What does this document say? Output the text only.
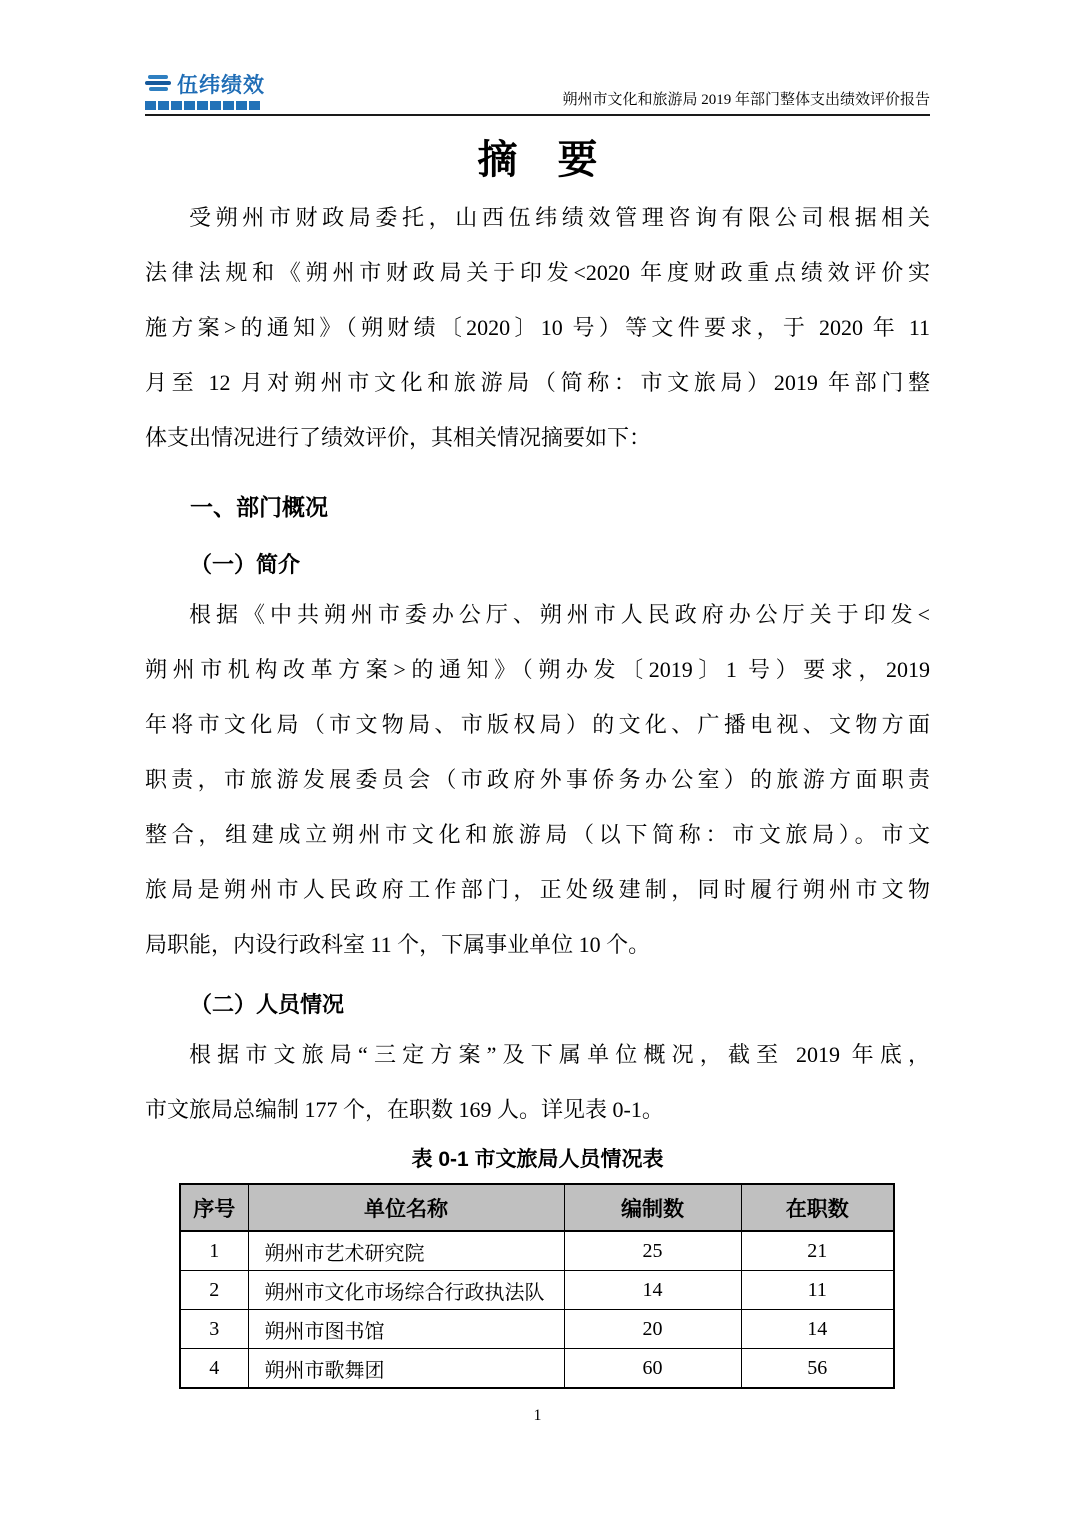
伍纬绩效
朔州市文化和旅游局 2019 年部门整体支出绩效评价报告
摘　要
受朔州市财政局委托，山西伍纬绩效管理咨询有限公司根据相关
法律法规和《朔州市财政局关于印发<2020 年度财政重点绩效评价实
施方案>的通知》（朔财绩〔2020〕10 号）等文件要求，于 2020 年 11
月至 12 月对朔州市文化和旅游局（简称：市文旅局）2019 年部门整
体支出情况进行了绩效评价，其相关情况摘要如下：
一、部门概况
（一）简介
根据《中共朔州市委办公厅、朔州市人民政府办公厅关于印发<
朔州市机构改革方案>的通知》（朔办发〔2019〕1 号）要求，2019
年将市文化局（市文物局、市版权局）的文化、广播电视、文物方面
职责，市旅游发展委员会（市政府外事侨务办公室）的旅游方面职责
整合，组建成立朔州市文化和旅游局（以下简称：市文旅局）。市文
旅局是朔州市人民政府工作部门，正处级建制，同时履行朔州市文物
局职能，内设行政科室 11 个，下属事业单位 10 个。
（二）人员情况
根据市文旅局“三定方案”及下属单位概况，截至 2019 年底，
市文旅局总编制 177 个，在职数 169 人。详见表 0-1。
表 0-1 市文旅局人员情况表
序号	单位名称	编制数	在职数
1	朔州市艺术研究院	25	21
2	朔州市文化市场综合行政执法队	14	11
3	朔州市图书馆	20	14
4	朔州市歌舞团	60	56
1
